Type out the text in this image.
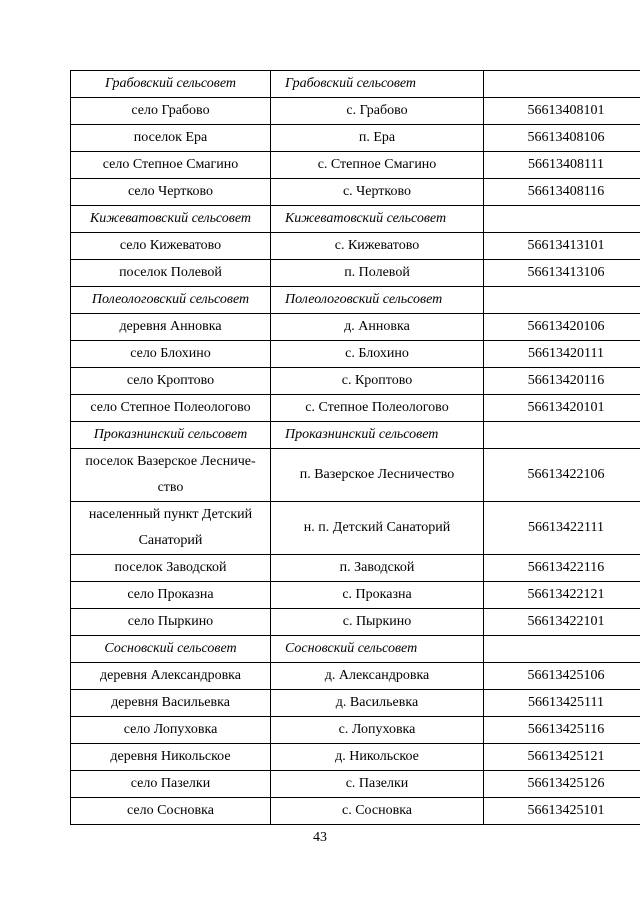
Грабовский сельсовет	Грабовский сельсовет	
село Грабово	с. Грабово	56613408101
поселок Ера	п. Ера	56613408106
село Степное Смагино	с. Степное Смагино	56613408111
село Чертково	с. Чертково	56613408116
Кижеватовский сельсовет	Кижеватовский сельсовет	
село Кижеватово	с. Кижеватово	56613413101
поселок Полевой	п. Полевой	56613413106
Полеологовский сельсовет	Полеологовский сельсовет	
деревня Анновка	д. Анновка	56613420106
село Блохино	с. Блохино	56613420111
село Кроптово	с. Кроптово	56613420116
село Степное Полеологово	с. Степное Полеологово	56613420101
Проказнинский сельсовет	Проказнинский сельсовет	
поселок Вазерское Лесниче-ство	п. Вазерское Лесничество	56613422106
населенный пункт Детский Санаторий	н. п. Детский Санаторий	56613422111
поселок Заводской	п. Заводской	56613422116
село Проказна	с. Проказна	56613422121
село Пыркино	с. Пыркино	56613422101
Сосновский сельсовет	Сосновский сельсовет	
деревня Александровка	д. Александровка	56613425106
деревня Васильевка	д. Васильевка	56613425111
село Лопуховка	с. Лопуховка	56613425116
деревня Никольское	д. Никольское	56613425121
село Пазелки	с. Пазелки	56613425126
село Сосновка	с. Сосновка	56613425101
43
